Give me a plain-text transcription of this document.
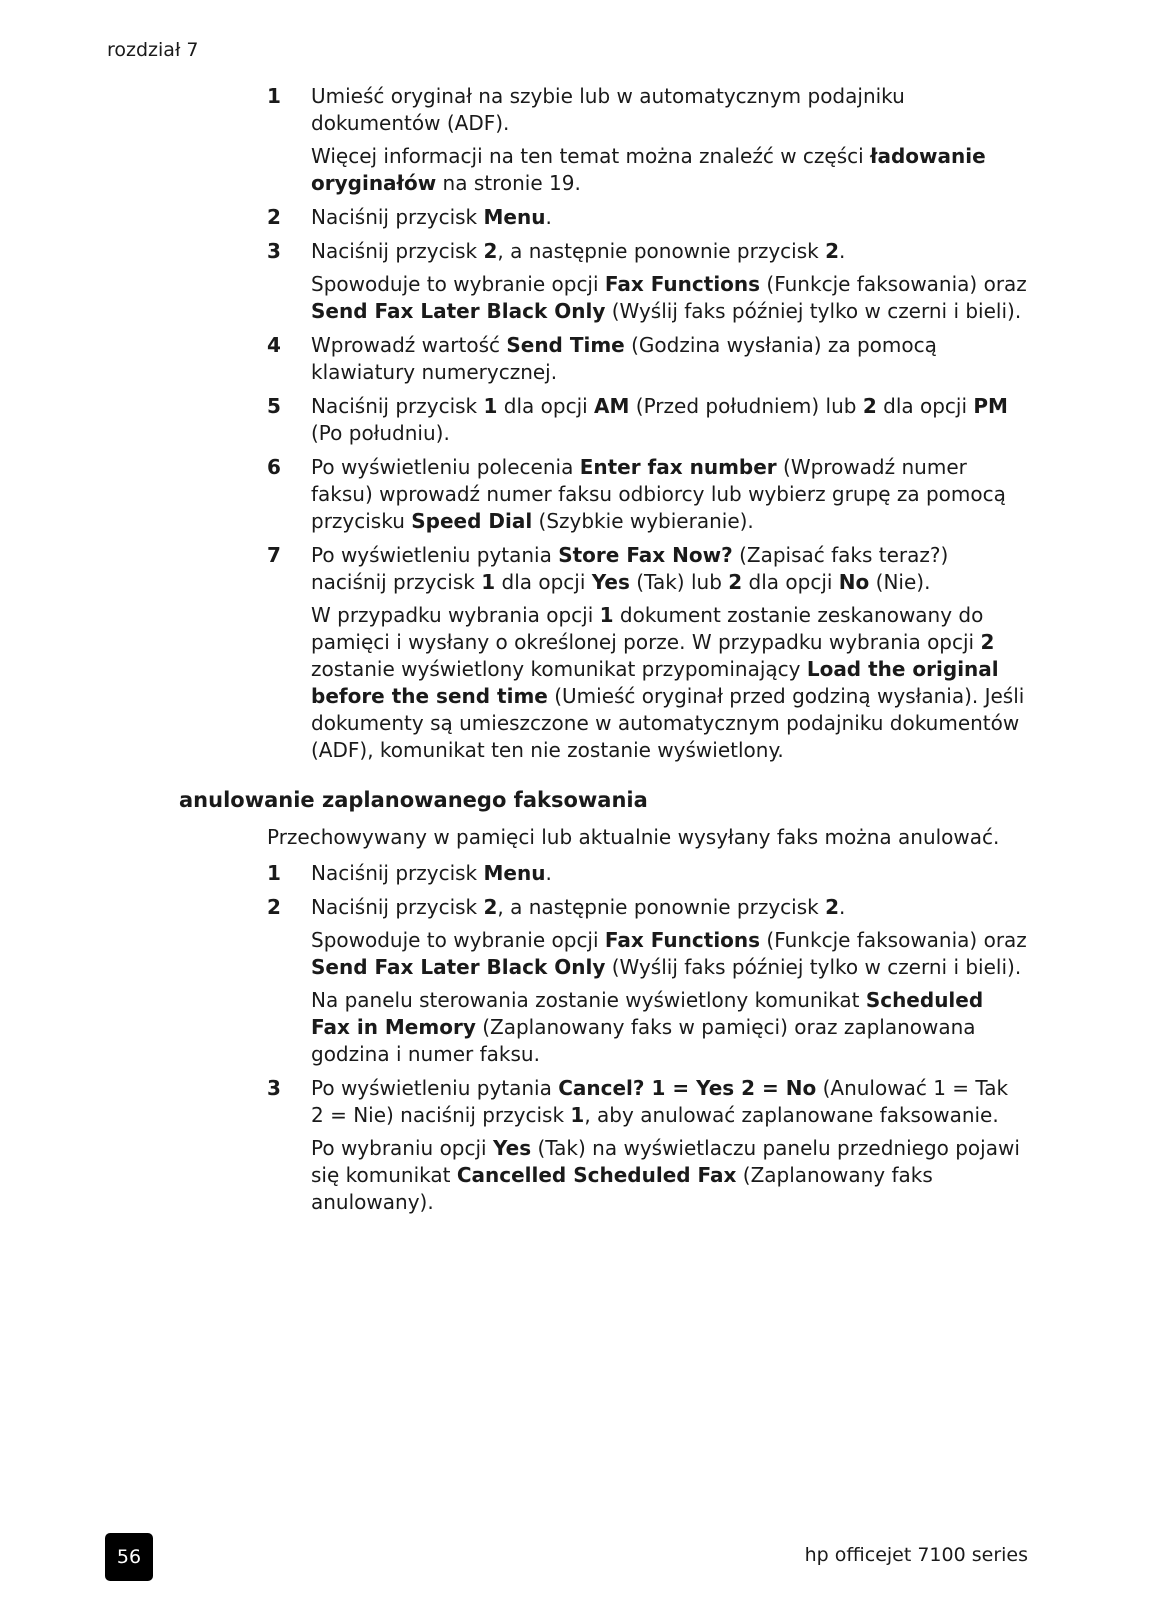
rozdział 7
1 Umieść oryginał na szybie lub w automatycznym podajniku dokumentów (ADF).

Więcej informacji na ten temat można znaleźć w części ładowanie oryginałów na stronie 19.

2 Naciśnij przycisk Menu.

3 Naciśnij przycisk 2, a następnie ponownie przycisk 2.

Spowoduje to wybranie opcji Fax Functions (Funkcje faksowania) oraz Send Fax Later Black Only (Wyślij faks później tylko w czerni i bieli).

4 Wprowadź wartość Send Time (Godzina wysłania) za pomocą klawiatury numerycznej.

5 Naciśnij przycisk 1 dla opcji AM (Przed południem) lub 2 dla opcji PM (Po południu).

6 Po wyświetleniu polecenia Enter fax number (Wprowadź numer faksu) wprowadź numer faksu odbiorcy lub wybierz grupę za pomocą przycisku Speed Dial (Szybkie wybieranie).

7 Po wyświetleniu pytania Store Fax Now? (Zapisać faks teraz?) naciśnij przycisk 1 dla opcji Yes (Tak) lub 2 dla opcji No (Nie).

W przypadku wybrania opcji 1 dokument zostanie zeskanowany do pamięci i wysłany o określonej porze. W przypadku wybrania opcji 2 zostanie wyświetlony komunikat przypominający Load the original before the send time (Umieść oryginał przed godziną wysłania). Jeśli dokumenty są umieszczone w automatycznym podajniku dokumentów (ADF), komunikat ten nie zostanie wyświetlony.

anulowanie zaplanowanego faksowania

Przechowywany w pamięci lub aktualnie wysyłany faks można anulować.

1 Naciśnij przycisk Menu.

2 Naciśnij przycisk 2, a następnie ponownie przycisk 2.

Spowoduje to wybranie opcji Fax Functions (Funkcje faksowania) oraz Send Fax Later Black Only (Wyślij faks później tylko w czerni i bieli).

Na panelu sterowania zostanie wyświetlony komunikat Scheduled Fax in Memory (Zaplanowany faks w pamięci) oraz zaplanowana godzina i numer faksu.

3 Po wyświetleniu pytania Cancel? 1 = Yes 2 = No (Anulować 1 = Tak 2 = Nie) naciśnij przycisk 1, aby anulować zaplanowane faksowanie.

Po wybraniu opcji Yes (Tak) na wyświetlaczu panelu przedniego pojawi się komunikat Cancelled Scheduled Fax (Zaplanowany faks anulowany).

56	hp officejet 7100 series
